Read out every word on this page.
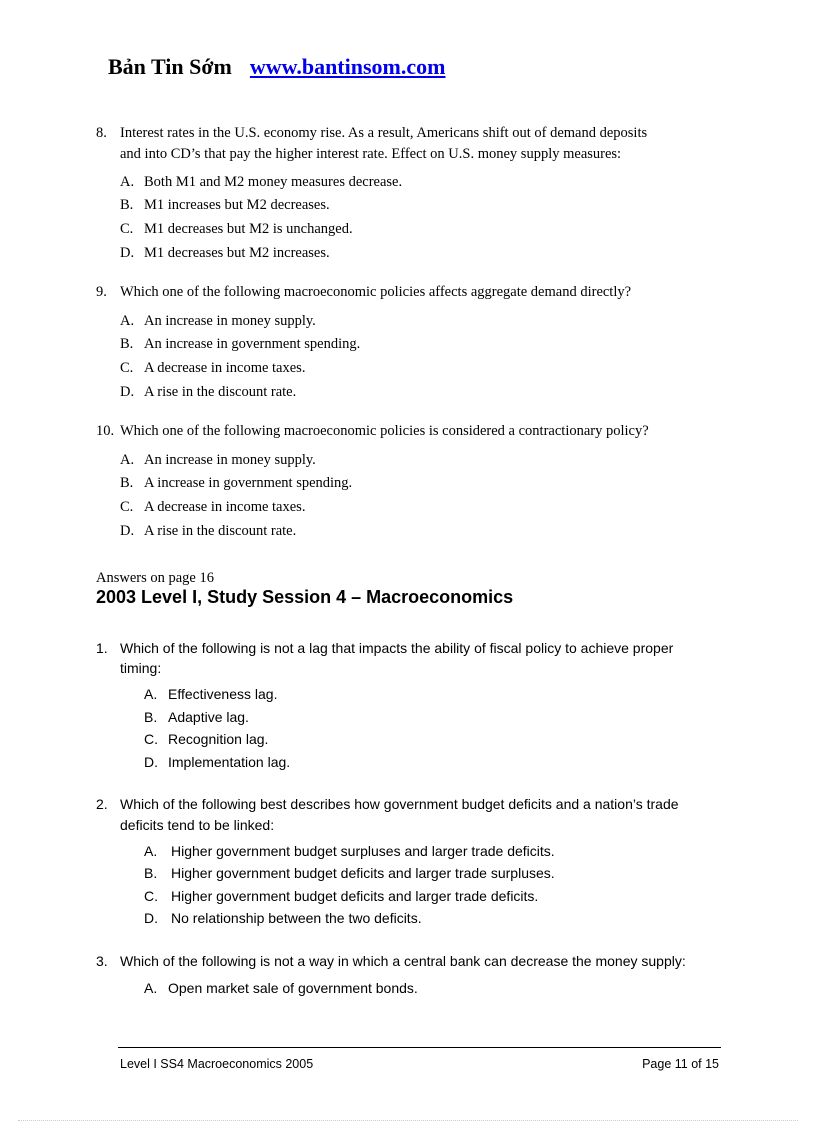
Bản Tin Sớm www.bantinsom.com
8. Interest rates in the U.S. economy rise. As a result, Americans shift out of demand deposits
and into CD’s that pay the higher interest rate. Effect on U.S. money supply measures:
A. Both M1 and M2 money measures decrease.
B. M1 increases but M2 decreases.
C. M1 decreases but M2 is unchanged.
D. M1 decreases but M2 increases.
9. Which one of the following macroeconomic policies affects aggregate demand directly?
A. An increase in money supply.
B. An increase in government spending.
C. A decrease in income taxes.
D. A rise in the discount rate.
10. Which one of the following macroeconomic policies is considered a contractionary policy?
A. An increase in money supply.
B. A increase in government spending.
C. A decrease in income taxes.
D. A rise in the discount rate.
Answers on page 16
2003 Level I, Study Session 4 – Macroeconomics
1. Which of the following is not a lag that impacts the ability of fiscal policy to achieve proper
timing:
A. Effectiveness lag.
B. Adaptive lag.
C. Recognition lag.
D. Implementation lag.
2. Which of the following best describes how government budget deficits and a nation’s trade
deficits tend to be linked:
A. Higher government budget surpluses and larger trade deficits.
B. Higher government budget deficits and larger trade surpluses.
C. Higher government budget deficits and larger trade deficits.
D. No relationship between the two deficits.
3. Which of the following is not a way in which a central bank can decrease the money supply:
A. Open market sale of government bonds.
Level I SS4 Macroeconomics 2005	Page 11 of 15
